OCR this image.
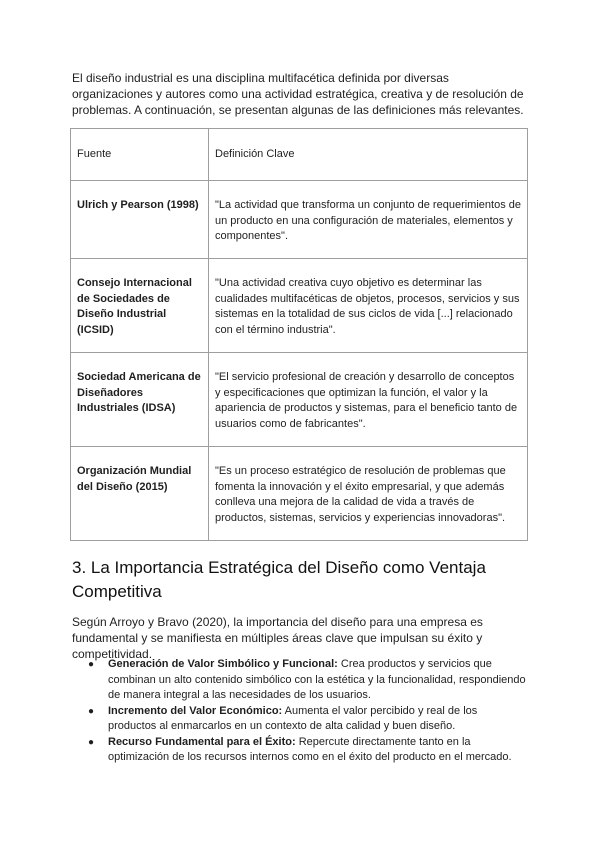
El diseño industrial es una disciplina multifacética definida por diversas organizaciones y autores como una actividad estratégica, creativa y de resolución de problemas. A continuación, se presentan algunas de las definiciones más relevantes.

Fuente	Definición Clave
Ulrich y Pearson (1998)	"La actividad que transforma un conjunto de requerimientos de un producto en una configuración de materiales, elementos y componentes".
Consejo Internacional de Sociedades de Diseño Industrial (ICSID)	"Una actividad creativa cuyo objetivo es determinar las cualidades multifacéticas de objetos, procesos, servicios y sus sistemas en la totalidad de sus ciclos de vida [...] relacionado con el término industria".
Sociedad Americana de Diseñadores Industriales (IDSA)	"El servicio profesional de creación y desarrollo de conceptos y especificaciones que optimizan la función, el valor y la apariencia de productos y sistemas, para el beneficio tanto de usuarios como de fabricantes".
Organización Mundial del Diseño (2015)	"Es un proceso estratégico de resolución de problemas que fomenta la innovación y el éxito empresarial, y que además conlleva una mejora de la calidad de vida a través de productos, sistemas, servicios y experiencias innovadoras".
3. La Importancia Estratégica del Diseño como Ventaja Competitiva

Según Arroyo y Bravo (2020), la importancia del diseño para una empresa es fundamental y se manifiesta en múltiples áreas clave que impulsan su éxito y competitividad.

● Generación de Valor Simbólico y Funcional: Crea productos y servicios que combinan un alto contenido simbólico con la estética y la funcionalidad, respondiendo de manera integral a las necesidades de los usuarios.
● Incremento del Valor Económico: Aumenta el valor percibido y real de los productos al enmarcarlos en un contexto de alta calidad y buen diseño.
● Recurso Fundamental para el Éxito: Repercute directamente tanto en la optimización de los recursos internos como en el éxito del producto en el mercado.
